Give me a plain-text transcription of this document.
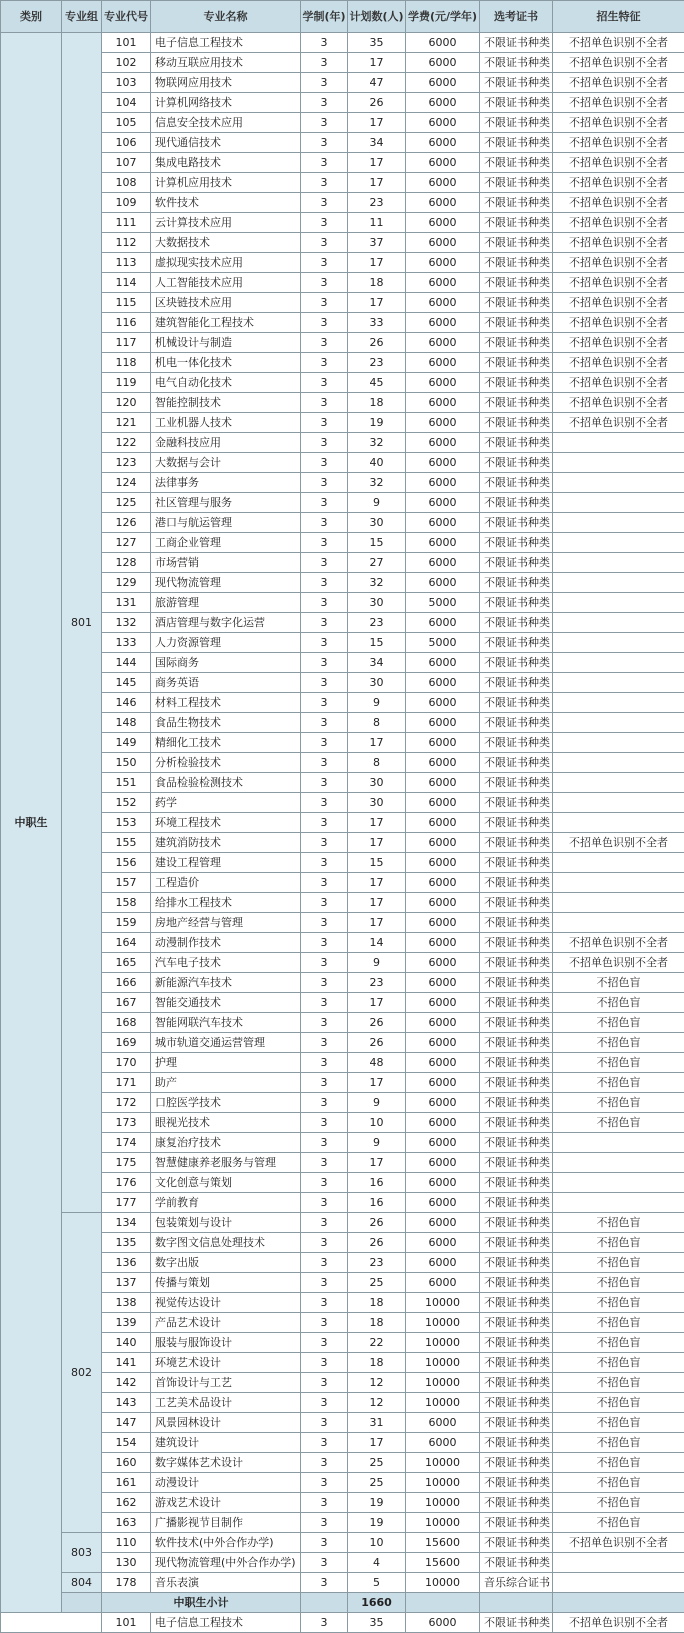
类别	专业组	专业代号	专业名称	学制(年)	计划数(人)	学费(元/学年)	选考证书	招生特征
中职生	801	101	电子信息工程技术	3	35	6000	不限证书种类	不招单色识别不全者
		102	移动互联应用技术	3	17	6000	不限证书种类	不招单色识别不全者
		103	物联网应用技术	3	47	6000	不限证书种类	不招单色识别不全者
		104	计算机网络技术	3	26	6000	不限证书种类	不招单色识别不全者
		105	信息安全技术应用	3	17	6000	不限证书种类	不招单色识别不全者
		106	现代通信技术	3	34	6000	不限证书种类	不招单色识别不全者
		107	集成电路技术	3	17	6000	不限证书种类	不招单色识别不全者
		108	计算机应用技术	3	17	6000	不限证书种类	不招单色识别不全者
		109	软件技术	3	23	6000	不限证书种类	不招单色识别不全者
		111	云计算技术应用	3	11	6000	不限证书种类	不招单色识别不全者
		112	大数据技术	3	37	6000	不限证书种类	不招单色识别不全者
		113	虚拟现实技术应用	3	17	6000	不限证书种类	不招单色识别不全者
		114	人工智能技术应用	3	18	6000	不限证书种类	不招单色识别不全者
		115	区块链技术应用	3	17	6000	不限证书种类	不招单色识别不全者
		116	建筑智能化工程技术	3	33	6000	不限证书种类	不招单色识别不全者
		117	机械设计与制造	3	26	6000	不限证书种类	不招单色识别不全者
		118	机电一体化技术	3	23	6000	不限证书种类	不招单色识别不全者
		119	电气自动化技术	3	45	6000	不限证书种类	不招单色识别不全者
		120	智能控制技术	3	18	6000	不限证书种类	不招单色识别不全者
		121	工业机器人技术	3	19	6000	不限证书种类	不招单色识别不全者
		122	金融科技应用	3	32	6000	不限证书种类	
		123	大数据与会计	3	40	6000	不限证书种类	
		124	法律事务	3	32	6000	不限证书种类	
		125	社区管理与服务	3	9	6000	不限证书种类	
		126	港口与航运管理	3	30	6000	不限证书种类	
		127	工商企业管理	3	15	6000	不限证书种类	
		128	市场营销	3	27	6000	不限证书种类	
		129	现代物流管理	3	32	6000	不限证书种类	
		131	旅游管理	3	30	5000	不限证书种类	
		132	酒店管理与数字化运营	3	23	6000	不限证书种类	
		133	人力资源管理	3	15	5000	不限证书种类	
		144	国际商务	3	34	6000	不限证书种类	
		145	商务英语	3	30	6000	不限证书种类	
		146	材料工程技术	3	9	6000	不限证书种类	
		148	食品生物技术	3	8	6000	不限证书种类	
		149	精细化工技术	3	17	6000	不限证书种类	
		150	分析检验技术	3	8	6000	不限证书种类	
		151	食品检验检测技术	3	30	6000	不限证书种类	
		152	药学	3	30	6000	不限证书种类	
		153	环境工程技术	3	17	6000	不限证书种类	
		155	建筑消防技术	3	17	6000	不限证书种类	不招单色识别不全者
		156	建设工程管理	3	15	6000	不限证书种类	
		157	工程造价	3	17	6000	不限证书种类	
		158	给排水工程技术	3	17	6000	不限证书种类	
		159	房地产经营与管理	3	17	6000	不限证书种类	
		164	动漫制作技术	3	14	6000	不限证书种类	不招单色识别不全者
		165	汽车电子技术	3	9	6000	不限证书种类	不招单色识别不全者
		166	新能源汽车技术	3	23	6000	不限证书种类	不招色盲
		167	智能交通技术	3	17	6000	不限证书种类	不招色盲
		168	智能网联汽车技术	3	26	6000	不限证书种类	不招色盲
		169	城市轨道交通运营管理	3	26	6000	不限证书种类	不招色盲
		170	护理	3	48	6000	不限证书种类	不招色盲
		171	助产	3	17	6000	不限证书种类	不招色盲
		172	口腔医学技术	3	9	6000	不限证书种类	不招色盲
		173	眼视光技术	3	10	6000	不限证书种类	不招色盲
		174	康复治疗技术	3	9	6000	不限证书种类	
		175	智慧健康养老服务与管理	3	17	6000	不限证书种类	
		176	文化创意与策划	3	16	6000	不限证书种类	
		177	学前教育	3	16	6000	不限证书种类	
	802	134	包装策划与设计	3	26	6000	不限证书种类	不招色盲
		135	数字图文信息处理技术	3	26	6000	不限证书种类	不招色盲
		136	数字出版	3	23	6000	不限证书种类	不招色盲
		137	传播与策划	3	25	6000	不限证书种类	不招色盲
		138	视觉传达设计	3	18	10000	不限证书种类	不招色盲
		139	产品艺术设计	3	18	10000	不限证书种类	不招色盲
		140	服装与服饰设计	3	22	10000	不限证书种类	不招色盲
		141	环境艺术设计	3	18	10000	不限证书种类	不招色盲
		142	首饰设计与工艺	3	12	10000	不限证书种类	不招色盲
		143	工艺美术品设计	3	12	10000	不限证书种类	不招色盲
		147	风景园林设计	3	31	6000	不限证书种类	不招色盲
		154	建筑设计	3	17	6000	不限证书种类	不招色盲
		160	数字媒体艺术设计	3	25	10000	不限证书种类	不招色盲
		161	动漫设计	3	25	10000	不限证书种类	不招色盲
		162	游戏艺术设计	3	19	10000	不限证书种类	不招色盲
		163	广播影视节目制作	3	19	10000	不限证书种类	不招色盲
	803	110	软件技术(中外合作办学)	3	10	15600	不限证书种类	不招单色识别不全者
		130	现代物流管理(中外合作办学)	3	4	15600	不限证书种类	
	804	178	音乐表演	3	5	10000	音乐综合证书	
		中职生小计			1660			
		101	电子信息工程技术	3	35	6000	不限证书种类	不招单色识别不全者
